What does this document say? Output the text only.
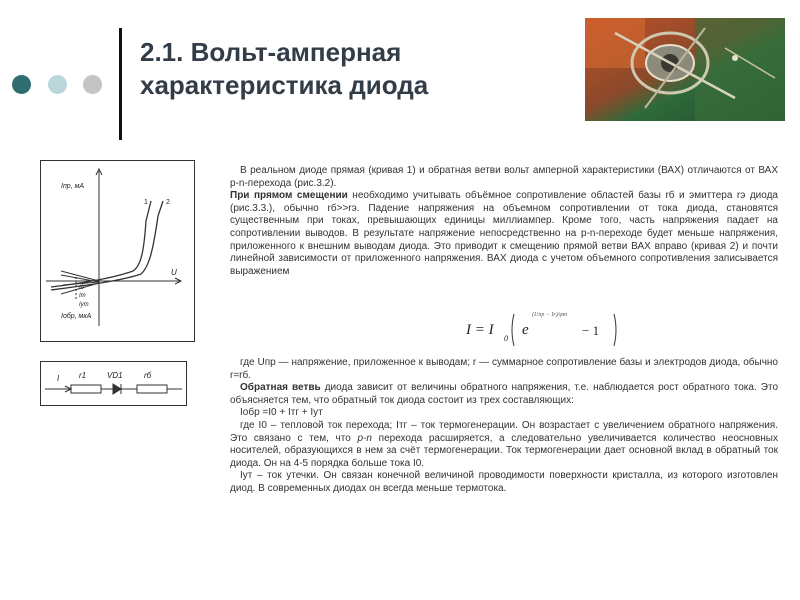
2.1. Вольт-амперная
характеристика диода
Iпр, мА
U
Iобр, мкА
1	2
I0
Iт
Iут
I r1	VD1	rб

В реальном диоде прямая (кривая 1) и обратная ветви вольт амперной характеристики (ВАХ) отличаются от ВАХ р-n-перехода (рис.3.2).

При прямом смещении необходимо учитывать объёмное сопротивление областей базы rб и эмиттера rэ диода (рис.3.3.), обычно rб>>rэ. Падение напряжения на объемном сопротивлении от тока диода, становятся существенным при токах, превышающих единицы миллиампер. Кроме того, часть напряжения падает на сопротивлении выводов. В результате напряжение непосредственно на p-n-переходе будет меньше напряжения, приложенного к внешним выводам диода. Это приводит к смещению прямой ветви ВАХ вправо (кривая 2) и почти линейной зависимости от приложенного напряжения. ВАХ диода с учетом объемного сопротивления записывается выражением

I = I
0
e
(Uпр − Ir)/φт
− 1

где Uпр — напряжение, приложенное к выводам; r — суммарное сопротивление базы и электродов диода, обычно r=rб.

Обратная ветвь диода зависит от величины обратного напряжения, т.е. наблюдается рост обратного тока. Это объясняется тем, что обратный ток диода состоит из трех составляющих:

Iобр =I0 + Iтг + Iут

где I0 – тепловой ток перехода; Iтг – ток термогенерации. Он возрастает с увеличением обратного напряжения. Это связано с тем, что p-n перехода расширяется, а следовательно увеличивается количество неосновных носителей, образующихся в нем за счёт термогенерации. Ток термогенерации дает основной вклад в обратный ток диода. Он на 4-5 порядка больше тока I0.

Iут – ток утечки. Он связан конечной величиной проводимости поверхности кристалла, из которого изготовлен диод. В современных диодах он всегда меньше термотока.
